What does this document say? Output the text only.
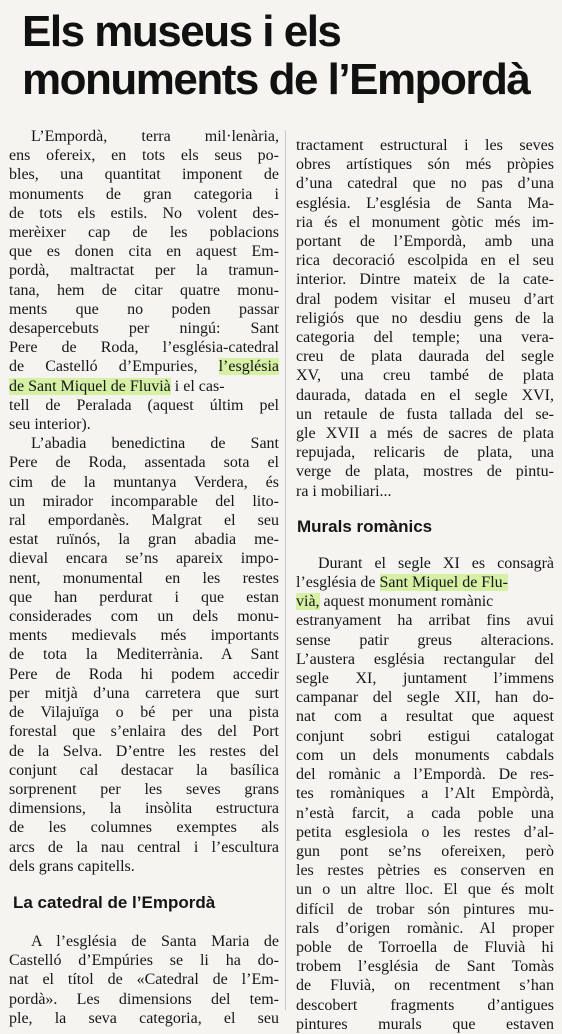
Els museus i els
monuments de l’Empordà
L’Empordà, terra mil·lenària,
ens ofereix, en tots els seus po-
bles, una quantitat imponent de
monuments de gran categoria i
de tots els estils. No volent des-
merèixer cap de les poblacions
que es donen cita en aquest Em-
pordà, maltractat per la tramun-
tana, hem de citar quatre monu-
ments que no poden passar
desapercebuts per ningú: Sant
Pere de Roda, l’església-catedral
de Castelló d’Empuries, l’església
de Sant Miquel de Fluvià i el cas-
tell de Peralada (aquest últim pel
seu interior).
L’abadia benedictina de Sant
Pere de Roda, assentada sota el
cim de la muntanya Verdera, és
un mirador incomparable del lito-
ral empordanès. Malgrat el seu
estat ruïnós, la gran abadia me-
dieval encara se’ns apareix impo-
nent, monumental en les restes
que han perdurat i que estan
considerades com un dels monu-
ments medievals més importants
de tota la Mediterrània. A Sant
Pere de Roda hi podem accedir
per mitjà d’una carretera que surt
de Vilajuïga o bé per una pista
forestal que s’enlaira des del Port
de la Selva. D’entre les restes del
conjunt cal destacar la basílica
sorprenent per les seves grans
dimensions, la insòlita estructura
de les columnes exemptes als
arcs de la nau central i l’escultura
dels grans capitells.
La catedral de l’Empordà
A l’església de Santa Maria de
Castelló d’Empúries se li ha do-
nat el títol de «Catedral de l’Em-
pordà». Les dimensions del tem-
ple, la seva categoria, el seu
tractament estructural i les seves
obres artístiques són més pròpies
d’una catedral que no pas d’una
església. L’església de Santa Ma-
ria és el monument gòtic més im-
portant de l’Empordà, amb una
rica decoració escolpida en el seu
interior. Dintre mateix de la cate-
dral podem visitar el museu d’art
religiós que no desdiu gens de la
categoria del temple; una vera-
creu de plata daurada del segle
XV, una creu també de plata
daurada, datada en el segle XVI,
un retaule de fusta tallada del se-
gle XVII a més de sacres de plata
repujada, relicaris de plata, una
verge de plata, mostres de pintu-
ra i mobiliari...
Murals romànics
Durant el segle XI es consagrà
l’església de Sant Miquel de Flu-
vià, aquest monument romànic
estranyament ha arribat fins avui
sense patir greus alteracions.
L’austera església rectangular del
segle XI, juntament l’immens
campanar del segle XII, han do-
nat com a resultat que aquest
conjunt sobri estigui catalogat
com un dels monuments cabdals
del romànic a l’Empordà. De res-
tes romàniques a l’Alt Empòrdà,
n’està farcit, a cada poble una
petita esglesiola o les restes d’al-
gun pont se’ns ofereixen, però
les restes pètries es conserven en
un o un altre lloc. El que és molt
difícil de trobar són pintures mu-
rals d’origen romànic. Al proper
poble de Torroella de Fluvià hi
trobem l’església de Sant Tomàs
de Fluvià, on recentment s’han
descobert fragments d’antigues
pintures murals que estaven
